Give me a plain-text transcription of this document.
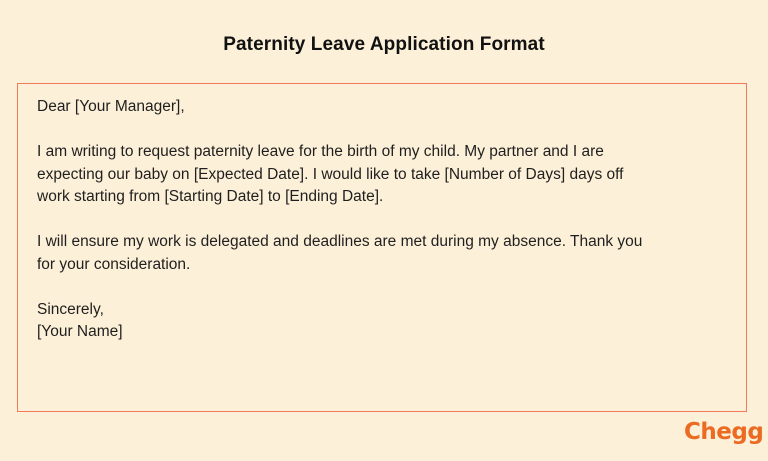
Paternity Leave Application Format
Dear [Your Manager],
I am writing to request paternity leave for the birth of my child. My partner and I are
expecting our baby on [Expected Date]. I would like to take [Number of Days] days off
work starting from [Starting Date] to [Ending Date].
I will ensure my work is delegated and deadlines are met during my absence. Thank you
for your consideration.
Sincerely,
[Your Name]
Chegg
